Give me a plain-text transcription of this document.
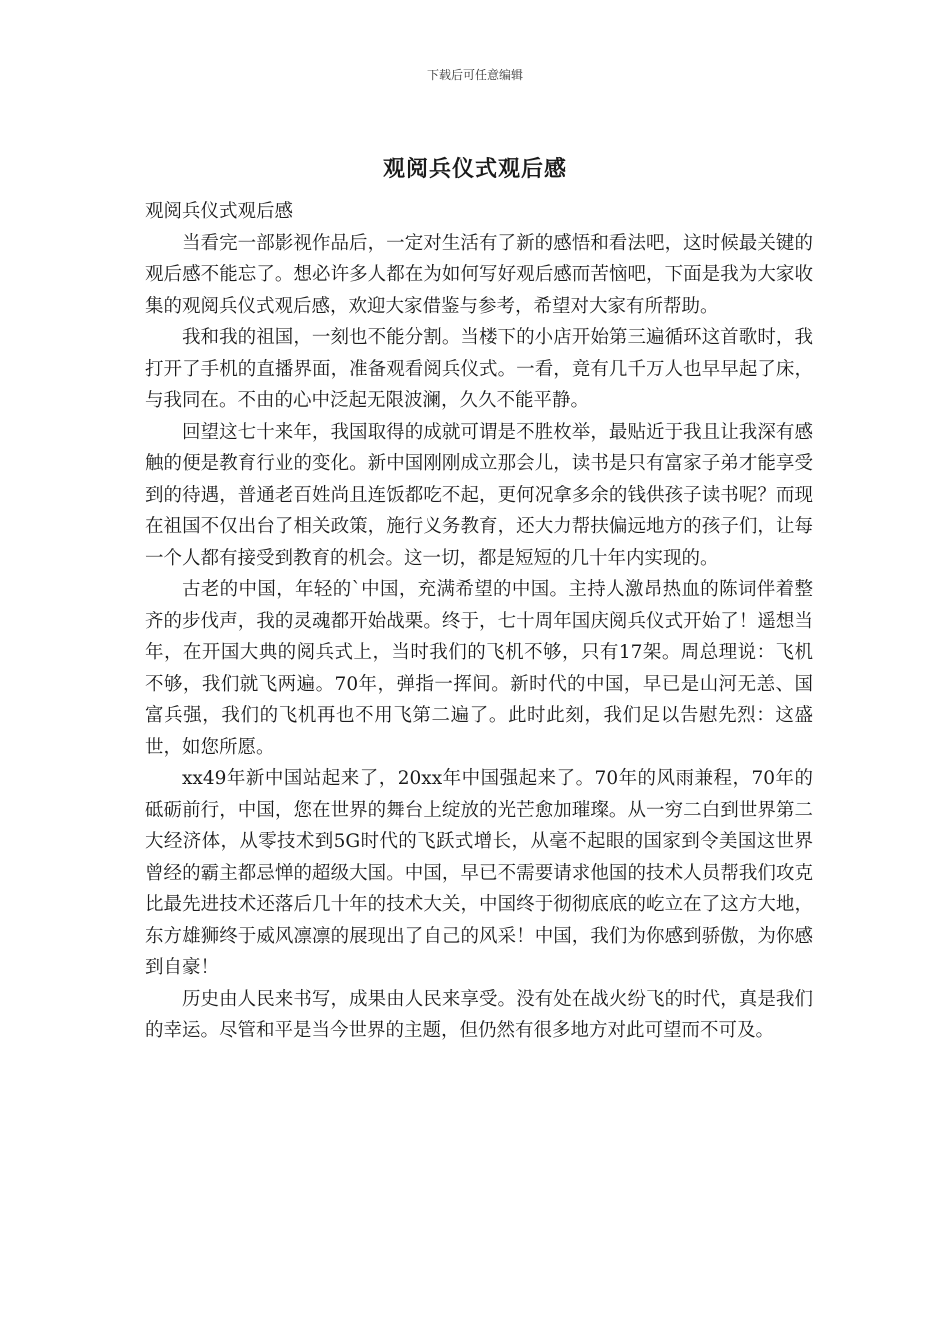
下载后可任意编辑
观阅兵仪式观后感

观阅兵仪式观后感

当看完一部影视作品后，一定对生活有了新的感悟和看法吧，这时候最关键的观后感不能忘了。想必许多人都在为如何写好观后感而苦恼吧，下面是我为大家收集的观阅兵仪式观后感，欢迎大家借鉴与参考，希望对大家有所帮助。

我和我的祖国，一刻也不能分割。当楼下的小店开始第三遍循环这首歌时，我打开了手机的直播界面，准备观看阅兵仪式。一看，竟有几千万人也早早起了床，与我同在。不由的心中泛起无限波澜，久久不能平静。

回望这七十来年，我国取得的成就可谓是不胜枚举，最贴近于我且让我深有感触的便是教育行业的变化。新中国刚刚成立那会儿，读书是只有富家子弟才能享受到的待遇，普通老百姓尚且连饭都吃不起，更何况拿多余的钱供孩子读书呢？而现在祖国不仅出台了相关政策，施行义务教育，还大力帮扶偏远地方的孩子们，让每一个人都有接受到教育的机会。这一切，都是短短的几十年内实现的。

古老的中国，年轻的`中国，充满希望的中国。主持人激昂热血的陈词伴着整齐的步伐声，我的灵魂都开始战栗。终于，七十周年国庆阅兵仪式开始了！遥想当年，在开国大典的阅兵式上，当时我们的飞机不够，只有17架。周总理说：飞机不够，我们就飞两遍。70年，弹指一挥间。新时代的中国，早已是山河无恙、国富兵强，我们的飞机再也不用飞第二遍了。此时此刻，我们足以告慰先烈：这盛世，如您所愿。

xx49年新中国站起来了，20xx年中国强起来了。70年的风雨兼程，70年的砥砺前行，中国，您在世界的舞台上绽放的光芒愈加璀璨。从一穷二白到世界第二大经济体，从零技术到5G时代的飞跃式增长，从毫不起眼的国家到令美国这世界曾经的霸主都忌惮的超级大国。中国，早已不需要请求他国的技术人员帮我们攻克比最先进技术还落后几十年的技术大关，中国终于彻彻底底的屹立在了这方大地，东方雄狮终于威风凛凛的展现出了自己的风采！中国，我们为你感到骄傲，为你感到自豪！

历史由人民来书写，成果由人民来享受。没有处在战火纷飞的时代，真是我们的幸运。尽管和平是当今世界的主题，但仍然有很多地方对此可望而不可及。
